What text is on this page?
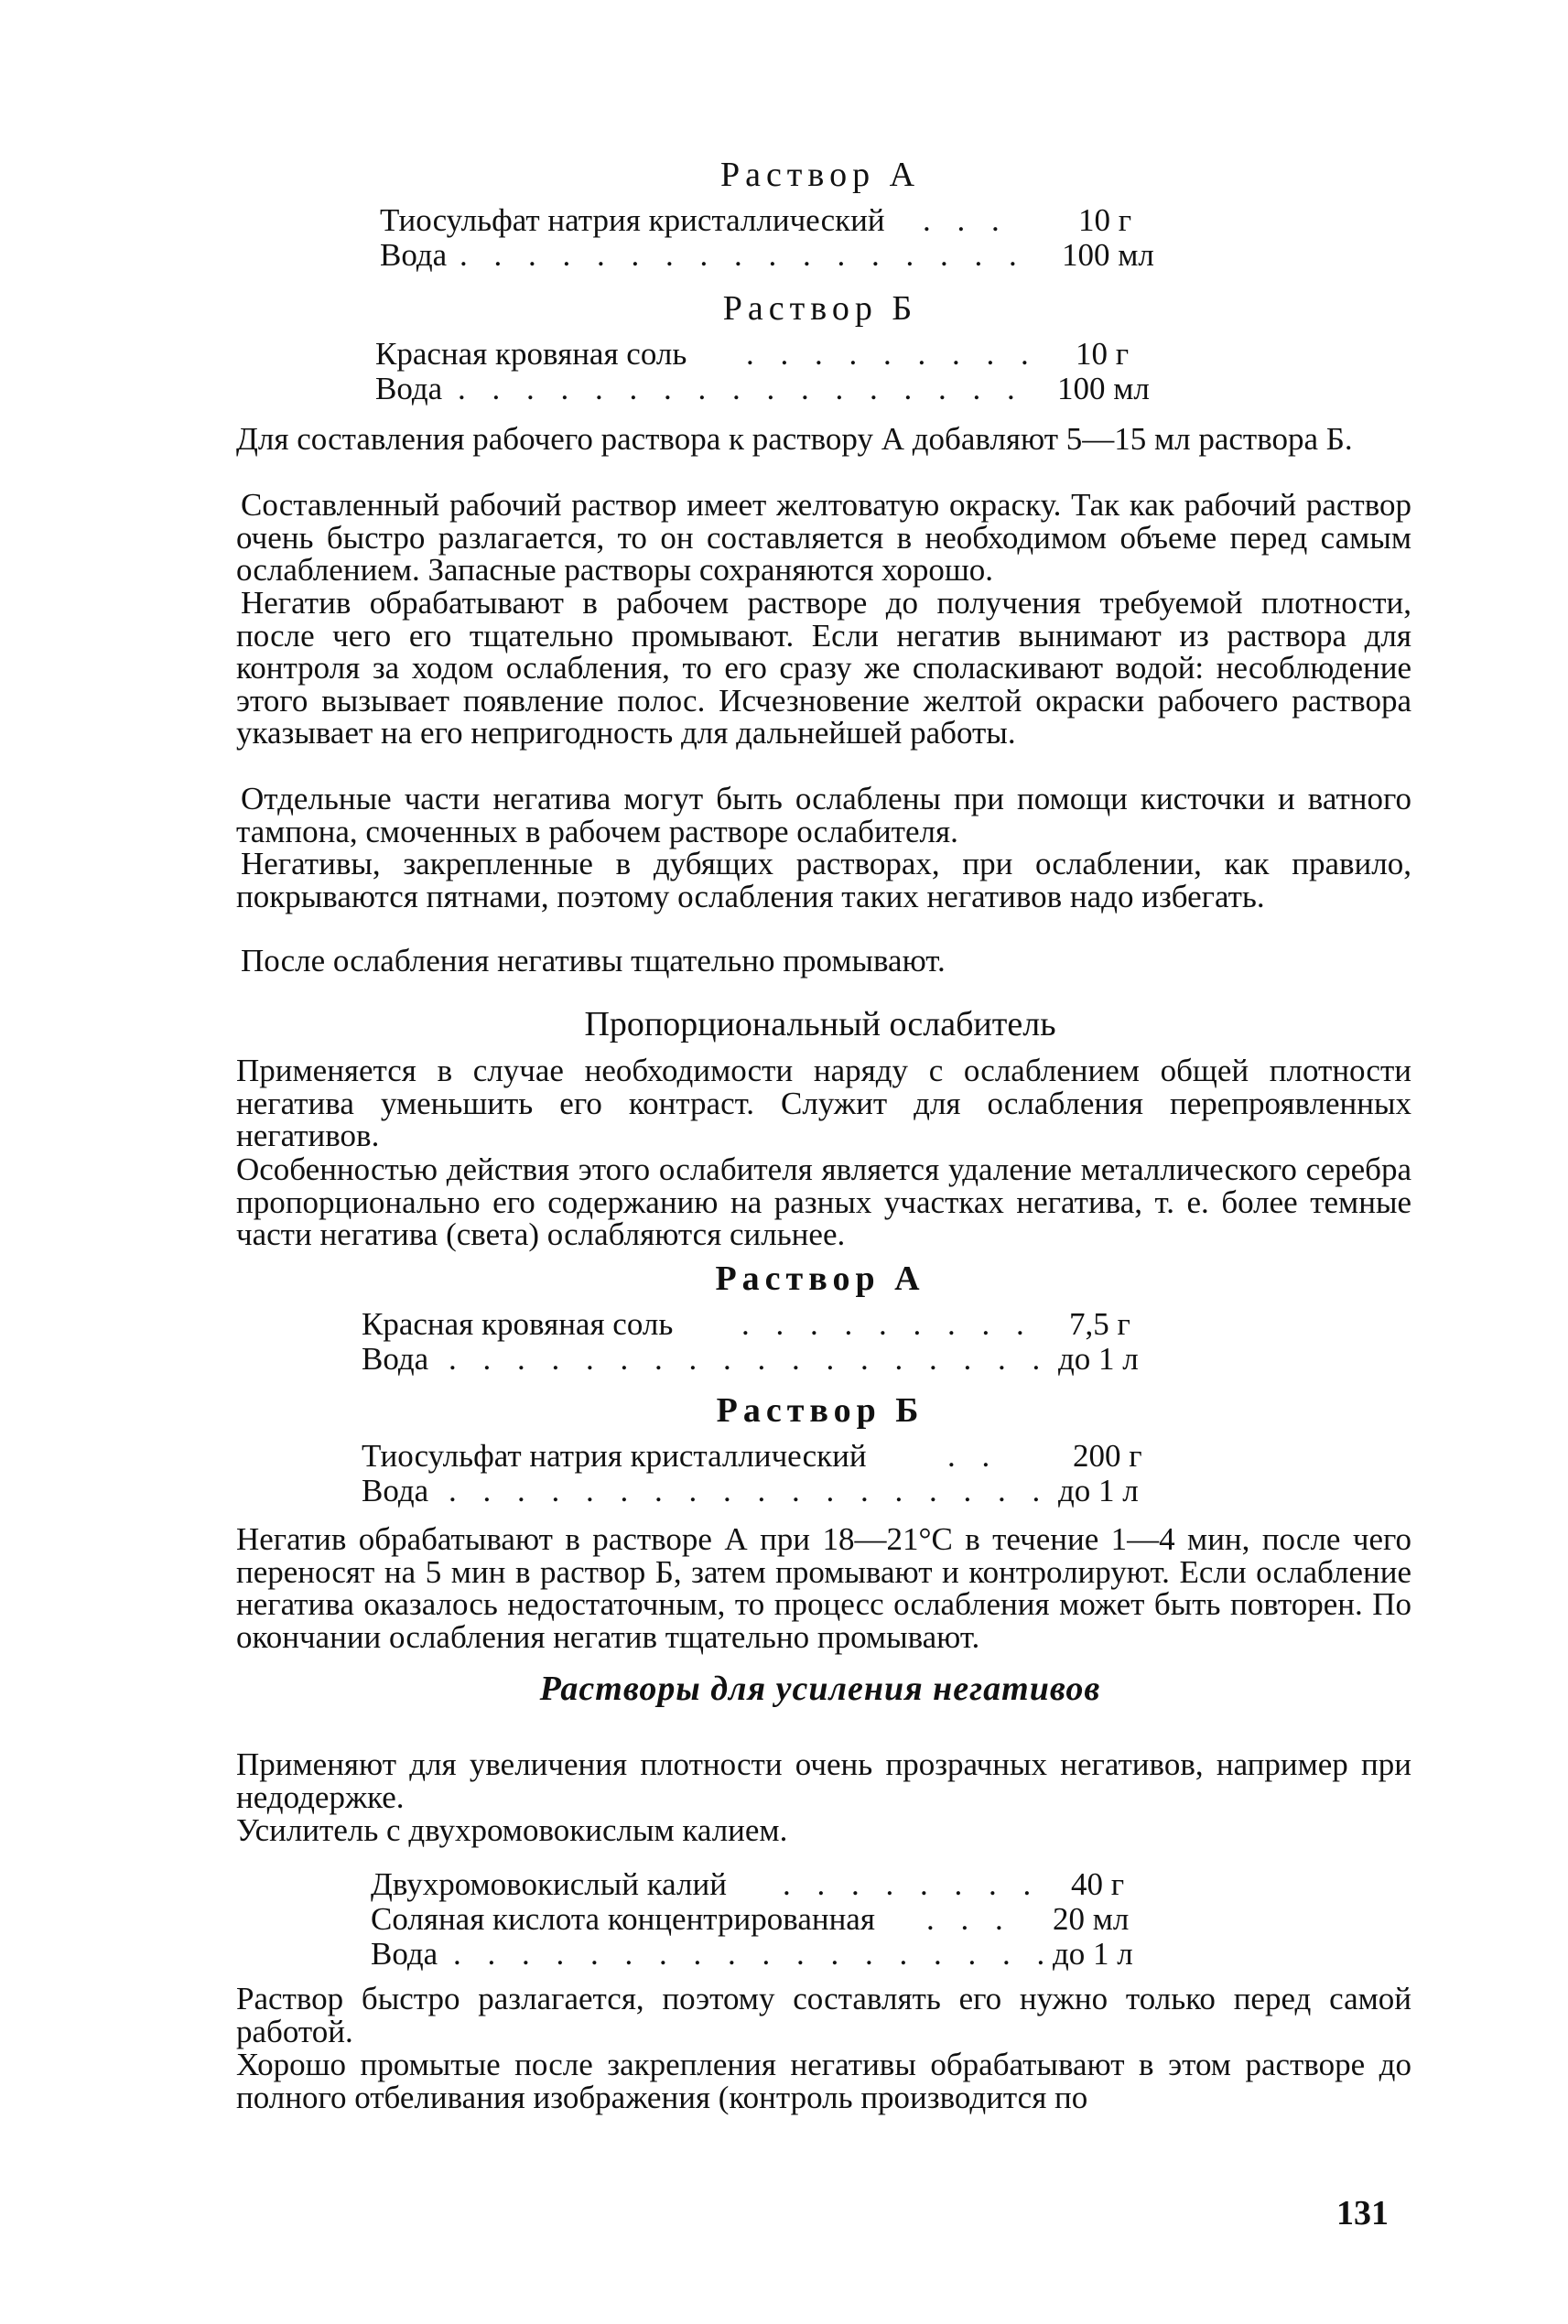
Раствор А
Тиосульфат натрия кристаллический . . . 10 г
Вода . . . . . . . . . . . . . . . . . 100 мл
Раствор Б
Красная кровяная соль . . . . . . . . . 10 г
Вода . . . . . . . . . . . . . . . . . 100 мл
Для составления рабочего раствора к раствору А добавляют 5—15 мл раствора Б.
Составленный рабочий раствор имеет желтоватую окраску. Так как рабочий раствор очень быстро разлагается, то он составляется в необходимом объеме перед самым ослаблением. Запасные растворы сохраняются хорошо.
Негатив обрабатывают в рабочем растворе до получения требуемой плотности, после чего его тщательно промывают. Если негатив вынимают из раствора для контроля за ходом ослабления, то его сразу же споласкивают водой: несоблюдение этого вызывает появление полос. Исчезновение желтой окраски рабочего раствора указывает на его непригодность для дальнейшей работы.
Отдельные части негатива могут быть ослаблены при помощи кисточки и ватного тампона, смоченных в рабочем растворе ослабителя.
Негативы, закрепленные в дубящих растворах, при ослаблении, как правило, покрываются пятнами, поэтому ослабления таких негативов надо избегать.
После ослабления негативы тщательно промывают.
Пропорциональный ослабитель
Применяется в случае необходимости наряду с ослаблением общей плотности негатива уменьшить его контраст. Служит для ослабления перепроявленных негативов.
Особенностью действия этого ослабителя является удаление металлического серебра пропорционально его содержанию на разных участках негатива, т. е. более темные части негатива (света) ослабляются сильнее.
Раствор А
Красная кровяная соль . . . . . . . . . 7,5 г
Вода . . . . . . . . . . . . . . . . . . до 1 л
Раствор Б
Тиосульфат натрия кристаллический	. . 200 г
Вода . . . . . . . . . . . . . . . . . . до 1 л
Негатив обрабатывают в растворе А при 18—21°С в течение 1—4 мин, после чего переносят на 5 мин в раствор Б, затем промывают и контролируют. Если ослабление негатива оказалось недостаточным, то процесс ослабления может быть повторен. По окончании ослабления негатив тщательно промывают.
Растворы для усиления негативов
Применяют для увеличения плотности очень прозрачных негативов, например при недодержке.
Усилитель с двухромовокислым калием.
Двухромовокислый калий . . . . . . . . 40 г
Соляная кислота концентрированная . . . 20 мл
Вода . . . . . . . . . . . . . . . . . .
до 1 л
Раствор быстро разлагается, поэтому составлять его нужно только перед самой работой.
Хорошо промытые после закрепления негативы обрабатывают в этом растворе до полного отбеливания изображения (контроль производится по
131
